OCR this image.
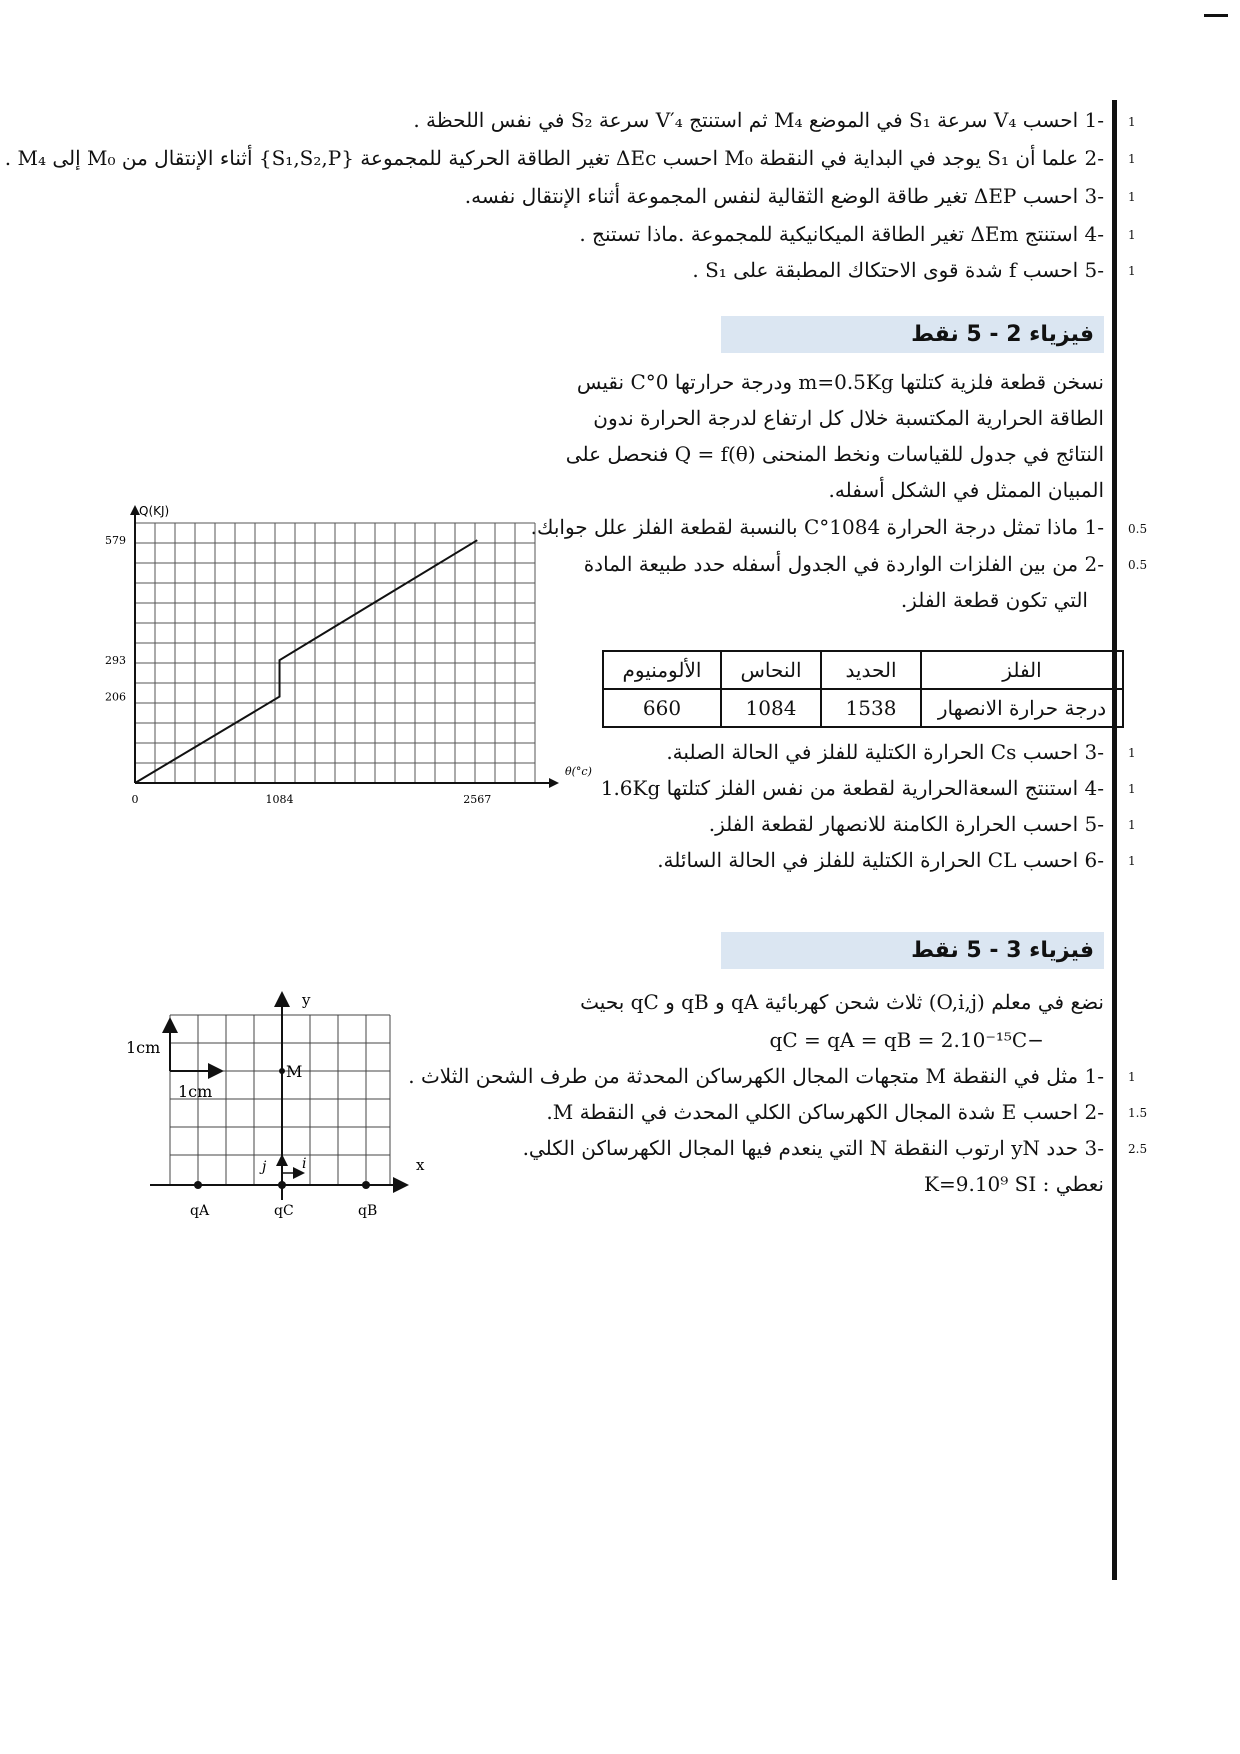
-1 احسب V₄ سرعة S₁ في الموضع M₄ ثم استنتج V′₄ سرعة S₂ في نفس اللحظة .
-2 علما أن S₁ يوجد في البداية في النقطة M₀ احسب ΔEc تغير الطاقة الحركية للمجموعة {S₁,S₂,P} أثناء الإنتقال من M₀ إلى M₄ .
-3 احسب ΔEP تغير طاقة الوضع الثقالية لنفس المجموعة أثناء الإنتقال نفسه.
-4 استنتج ΔEm تغير الطاقة الميكانيكية للمجموعة .ماذا تستنج .
-5 احسب f شدة قوى الاحتكاك المطبقة على S₁ .
1
1
1
1
1
فيزياء 2 - 5 نقط
نسخن قطعة فلزية كتلتها m=0.5Kg ودرجة حرارتها 0°C نقيس
الطاقة الحرارية المكتسبة خلال كل ارتفاع لدرجة الحرارة ندون
النتائج في جدول للقياسات ونخط المنحنى Q = f(θ) فنحصل على
المبيان الممثل في الشكل أسفله.
-1 ماذا تمثل درجة الحرارة 1084°C بالنسبة لقطعة الفلز علل جوابك.
-2 من بين الفلزات الواردة في الجدول أسفله حدد طبيعة المادة
التي تكون قطعة الفلز.
0.5
0.5
الفلز	الحديد	النحاس	الألومنيوم
درجة حرارة الانصهار	1538	1084	660
-3 احسب Cs الحرارة الكتلية للفلز في الحالة الصلبة.
-4 استنتج السعةالحرارية لقطعة من نفس الفلز كتلتها 1.6Kg
-5 احسب الحرارة الكامنة للانصهار لقطعة الفلز.
-6 احسب CL الحرارة الكتلية للفلز في الحالة السائلة.
1
1
1
1
0	1084	2567
206
293
579
Q(KJ)
θ(°c)
فيزياء 3 - 5 نقط
نضع في معلم (O,i,j) ثلاث شحن كهربائية qA و qB و qC بحيث
−qC = qA = qB = 2.10⁻¹⁵C
-1 مثل في النقطة M متجهات المجال الكهرساكن المحدثة من طرف الشحن الثلاث .
-2 احسب E شدة المجال الكهرساكن الكلي المحدث في النقطة M.
-3 حدد yN ارتوب النقطة N التي ينعدم فيها المجال الكهرساكن الكلي.
نعطي : K=9.10⁹ SI
1
1.5
2.5
1cm
1cm
x
y
M
i
j
qA	qC	qB
